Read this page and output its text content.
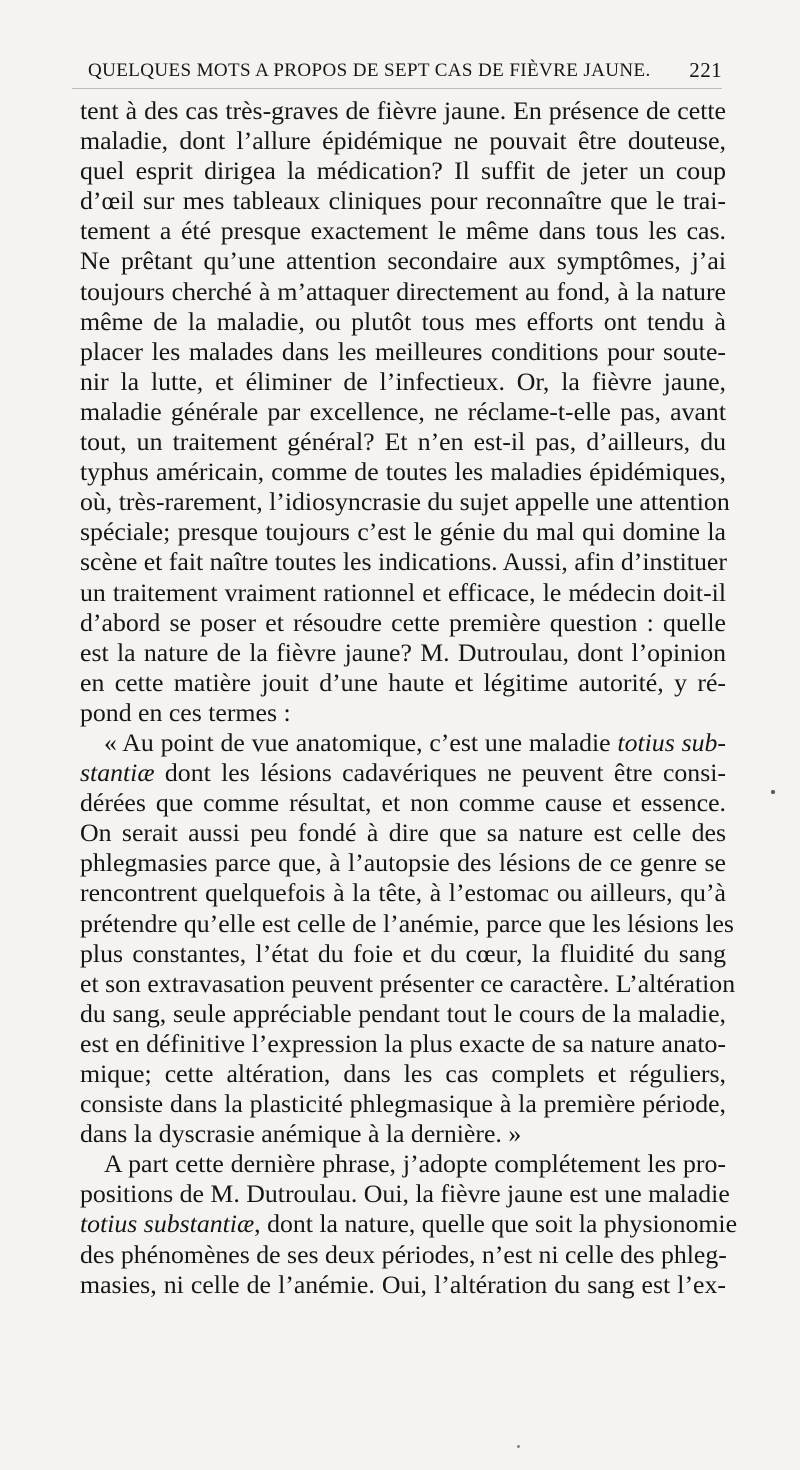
QUELQUES MOTS A PROPOS DE SEPT CAS DE FIÈVRE JAUNE. 221
tent à des cas très-graves de fièvre jaune. En présence de cette
maladie, dont l’allure épidémique ne pouvait être douteuse,
quel esprit dirigea la médication? Il suffit de jeter un coup
d’œil sur mes tableaux cliniques pour reconnaître que le trai-
tement a été presque exactement le même dans tous les cas.
Ne prêtant qu’une attention secondaire aux symptômes, j’ai
toujours cherché à m’attaquer directement au fond, à la nature
même de la maladie, ou plutôt tous mes efforts ont tendu à
placer les malades dans les meilleures conditions pour soute-
nir la lutte, et éliminer de l’infectieux. Or, la fièvre jaune,
maladie générale par excellence, ne réclame-t-elle pas, avant
tout, un traitement général? Et n’en est-il pas, d’ailleurs, du
typhus américain, comme de toutes les maladies épidémiques,
où, très-rarement, l’idiosyncrasie du sujet appelle une attention
spéciale; presque toujours c’est le génie du mal qui domine la
scène et fait naître toutes les indications. Aussi, afin d’instituer
un traitement vraiment rationnel et efficace, le médecin doit-il
d’abord se poser et résoudre cette première question : quelle
est la nature de la fièvre jaune? M. Dutroulau, dont l’opinion
en cette matière jouit d’une haute et légitime autorité, y ré-
pond en ces termes :
« Au point de vue anatomique, c’est une maladie totius sub-
stantiæ dont les lésions cadavériques ne peuvent être consi-
dérées que comme résultat, et non comme cause et essence.
On serait aussi peu fondé à dire que sa nature est celle des
phlegmasies parce que, à l’autopsie des lésions de ce genre se
rencontrent quelquefois à la tête, à l’estomac ou ailleurs, qu’à
prétendre qu’elle est celle de l’anémie, parce que les lésions les
plus constantes, l’état du foie et du cœur, la fluidité du sang
et son extravasation peuvent présenter ce caractère. L’altération
du sang, seule appréciable pendant tout le cours de la maladie,
est en définitive l’expression la plus exacte de sa nature anato-
mique; cette altération, dans les cas complets et réguliers,
consiste dans la plasticité phlegmasique à la première période,
dans la dyscrasie anémique à la dernière. »
A part cette dernière phrase, j’adopte complétement les pro-
positions de M. Dutroulau. Oui, la fièvre jaune est une maladie
totius substantiæ, dont la nature, quelle que soit la physionomie
des phénomènes de ses deux périodes, n’est ni celle des phleg-
masies, ni celle de l’anémie. Oui, l’altération du sang est l’ex-
